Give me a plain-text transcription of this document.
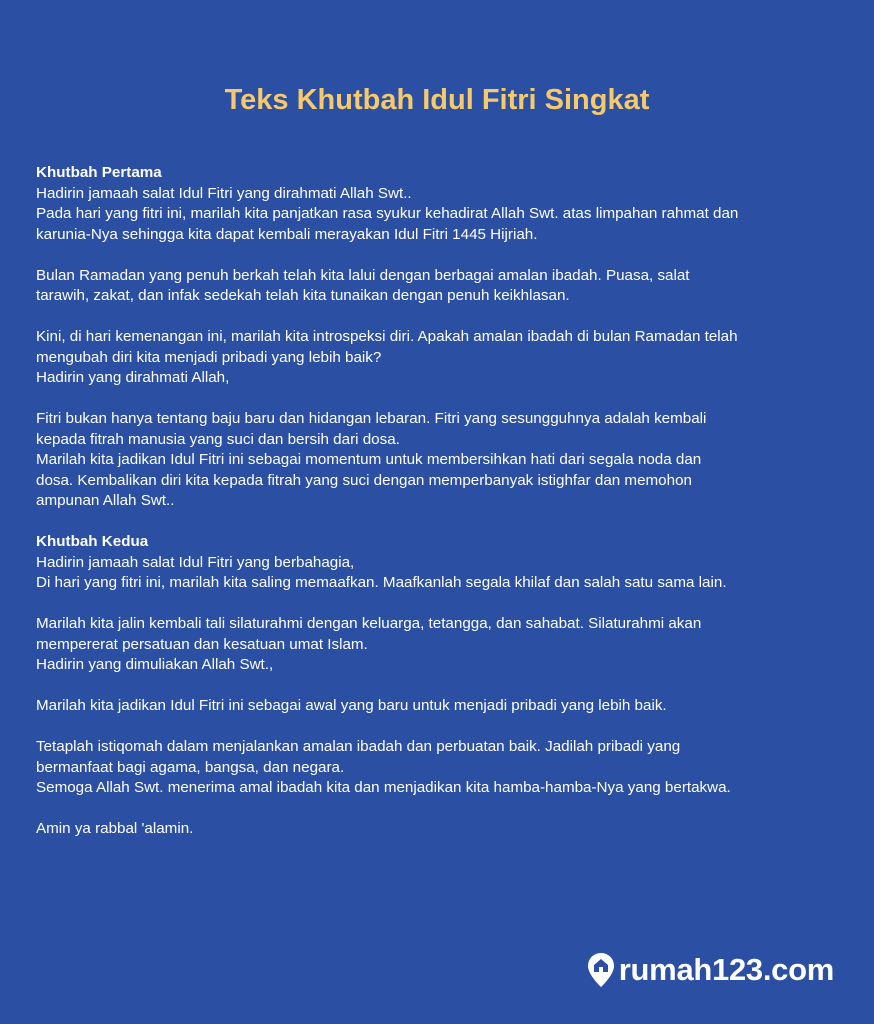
Teks Khutbah Idul Fitri Singkat
Khutbah Pertama
Hadirin jamaah salat Idul Fitri yang dirahmati Allah Swt..
Pada hari yang fitri ini, marilah kita panjatkan rasa syukur kehadirat Allah Swt. atas limpahan rahmat dan
karunia-Nya sehingga kita dapat kembali merayakan Idul Fitri 1445 Hijriah.
Bulan Ramadan yang penuh berkah telah kita lalui dengan berbagai amalan ibadah. Puasa, salat
tarawih, zakat, dan infak sedekah telah kita tunaikan dengan penuh keikhlasan.
Kini, di hari kemenangan ini, marilah kita introspeksi diri. Apakah amalan ibadah di bulan Ramadan telah
mengubah diri kita menjadi pribadi yang lebih baik?
Hadirin yang dirahmati Allah,
Fitri bukan hanya tentang baju baru dan hidangan lebaran. Fitri yang sesungguhnya adalah kembali
kepada fitrah manusia yang suci dan bersih dari dosa.
Marilah kita jadikan Idul Fitri ini sebagai momentum untuk membersihkan hati dari segala noda dan
dosa. Kembalikan diri kita kepada fitrah yang suci dengan memperbanyak istighfar dan memohon
ampunan Allah Swt..
Khutbah Kedua
Hadirin jamaah salat Idul Fitri yang berbahagia,
Di hari yang fitri ini, marilah kita saling memaafkan. Maafkanlah segala khilaf dan salah satu sama lain.
Marilah kita jalin kembali tali silaturahmi dengan keluarga, tetangga, dan sahabat. Silaturahmi akan
mempererat persatuan dan kesatuan umat Islam.
Hadirin yang dimuliakan Allah Swt.,
Marilah kita jadikan Idul Fitri ini sebagai awal yang baru untuk menjadi pribadi yang lebih baik.
Tetaplah istiqomah dalam menjalankan amalan ibadah dan perbuatan baik. Jadilah pribadi yang
bermanfaat bagi agama, bangsa, dan negara.
Semoga Allah Swt. menerima amal ibadah kita dan menjadikan kita hamba-hamba-Nya yang bertakwa.
Amin ya rabbal 'alamin.
rumah123.com
